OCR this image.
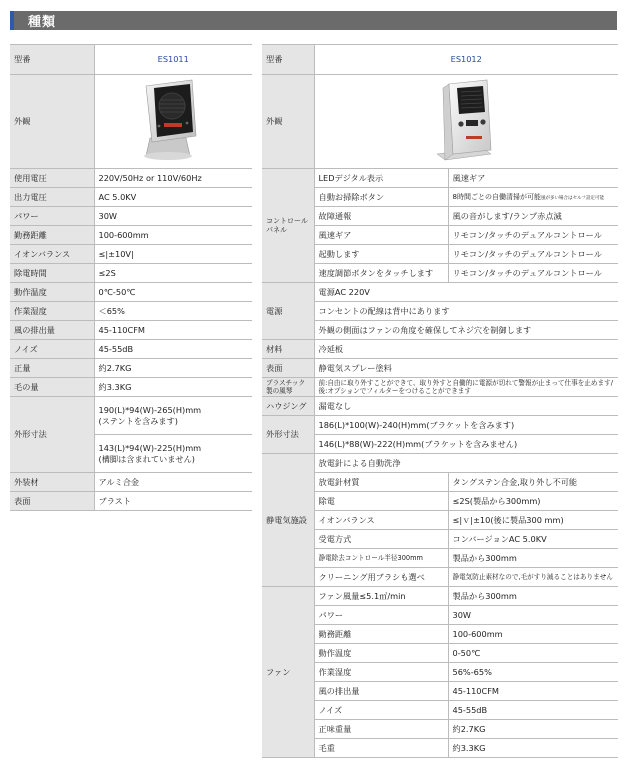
種類
型番	ES1011
外観	
使用電圧	220V/50Hz or 110V/60Hz
出力電圧	AC 5.0KV
パワー	30W
勤務距離	100-600mm
イオンバランス	≤|±10V|
除電時間	≤2S
動作温度	0℃-50℃
作業湿度	＜65%
風の排出量	45-110CFM
ノイズ	45-55dB
正量	約2.7KG
毛の量	約3.3KG
外形寸法	190(L)*94(W)-265(H)mm
(ステントを含みます)

	143(L)*94(W)-225(H)mm
(構脚は含まれていません)

外装材	アルミ合金
表面	ブラスト
型番	ES1012	
外観	
コントロールパネル	LEDデジタル表示	風速ギア
	自動お掃除ボタン	8時間ごとの自働清掃が可能風が多い場合はセルフ設定可能
	故障通報	風の音がします/ランプ赤点滅
	風速ギア	リモコン/タッチのデュアルコントロール
	起動します	リモコン/タッチのデュアルコントロール
	速度調節ボタンをタッチします	リモコン/タッチのデュアルコントロール
電源	電源AC 220V	
	コンセントの配線は背中にあります	
	外観の側面はファンの角度を確保してネジ穴を制御します	
材料	冷延板	
表面	静電気スプレー塗料	
プラスチック製の風琴	前:自由に取り外すことができて、取り外すと自働的に電源が切れて警報が止まって仕事を止めます/後:オプションでフィルターをつけることができます	
ハウジング	漏電なし	
外形寸法	186(L)*100(W)-240(H)mm(ブラケットを含みます)	
	146(L)*88(W)-222(H)mm(ブラケットを含みません)	
静電気施設	放電針による自動洗浄	
	放電針材質	タングステン合金,取り外し不可能
	除電	≤2S(製品から300mm)
	イオンバランス	≤|ｖ|±10(後に製品300 mm)
	受電方式	コンバージョンAC 5.0KV
	静電除去コントロール半径300mm	製品から300mm
	クリーニング用ブラシも選べ	静電気防止素材なので,毛がすり減ることはありません
ファン	ファン風量≤5.1㎥/min	製品から300mm
	パワー	30W
	勤務距離	100-600mm
	動作温度	0-50℃
	作業湿度	56%-65%
	風の排出量	45-110CFM
	ノイズ	45-55dB
	正味重量	約2.7KG
	毛重	約3.3KG
